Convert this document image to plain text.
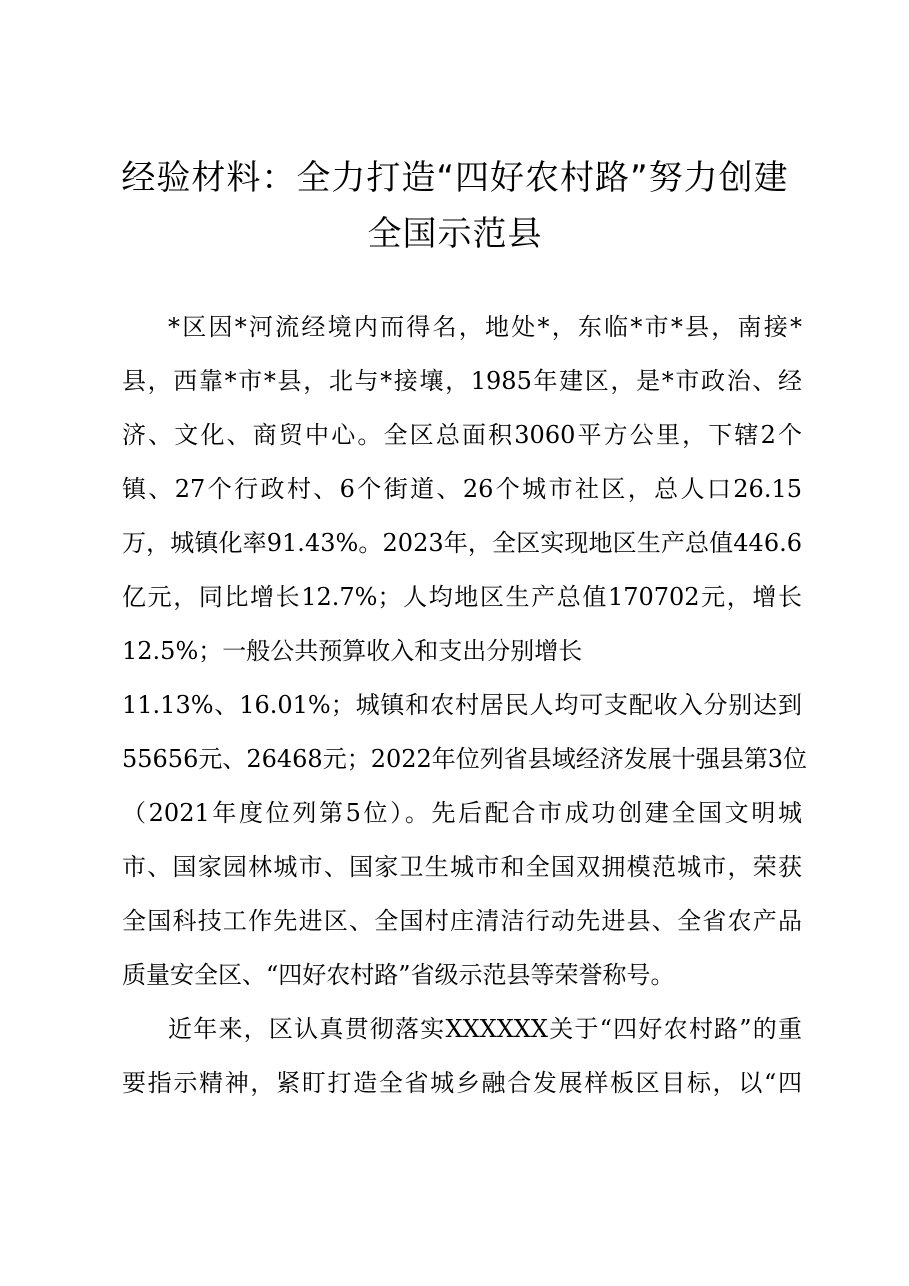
经验材料：全力打造“四好农村路”努力创建
全国示范县
*区因*河流经境内而得名，地处*，东临*市*县，南接*
县，西靠*市*县，北与*接壤，1985年建区，是*市政治、经
济、文化、商贸中心。全区总面积3060平方公里，下辖2个
镇、27个行政村、6个街道、26个城市社区，总人口26.15
万，城镇化率91.43%。2023年，全区实现地区生产总值446.6
亿元，同比增长12.7%；人均地区生产总值170702元，增长
12.5%；一般公共预算收入和支出分别增长
11.13%、16.01%；城镇和农村居民人均可支配收入分别达到
55656元、26468元；2022年位列省县域经济发展十强县第3位
（2021年度位列第5位）。先后配合市成功创建全国文明城
市、国家园林城市、国家卫生城市和全国双拥模范城市，荣获
全国科技工作先进区、全国村庄清洁行动先进县、全省农产品
质量安全区、“四好农村路”省级示范县等荣誉称号。
近年来，区认真贯彻落实XXXXXX关于“四好农村路”的重
要指示精神，紧盯打造全省城乡融合发展样板区目标，以“四
